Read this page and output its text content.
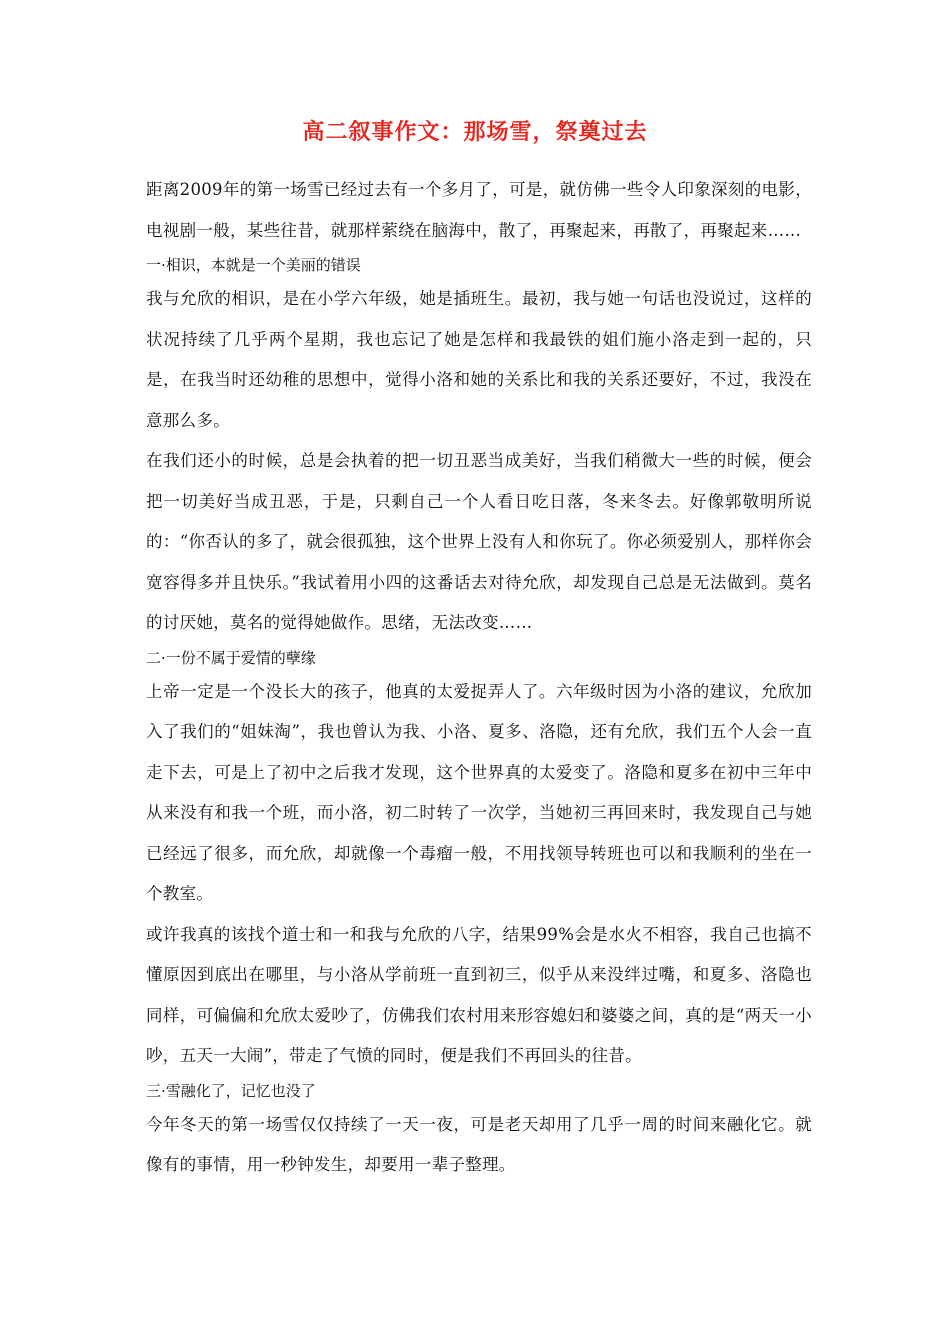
高二叙事作文：那场雪，祭奠过去

距离2009年的第一场雪已经过去有一个多月了，可是，就仿佛一些令人印象深刻的电影，电视剧一般，某些往昔，就那样萦绕在脑海中，散了，再聚起来，再散了，再聚起来……

一·相识，本就是一个美丽的错误

我与允欣的相识，是在小学六年级，她是插班生。最初，我与她一句话也没说过，这样的状况持续了几乎两个星期，我也忘记了她是怎样和我最铁的姐们施小洛走到一起的，只是，在我当时还幼稚的思想中，觉得小洛和她的关系比和我的关系还要好，不过，我没在意那么多。

在我们还小的时候，总是会执着的把一切丑恶当成美好，当我们稍微大一些的时候，便会把一切美好当成丑恶，于是，只剩自己一个人看日吃日落，冬来冬去。好像郭敬明所说的：“你否认的多了，就会很孤独，这个世界上没有人和你玩了。你必须爱别人，那样你会宽容得多并且快乐。”我试着用小四的这番话去对待允欣，却发现自己总是无法做到。莫名的讨厌她，莫名的觉得她做作。思绪，无法改变……

二·一份不属于爱情的孽缘

上帝一定是一个没长大的孩子，他真的太爱捉弄人了。六年级时因为小洛的建议，允欣加入了我们的“姐妹淘”，我也曾认为我、小洛、夏多、洛隐，还有允欣，我们五个人会一直走下去，可是上了初中之后我才发现，这个世界真的太爱变了。洛隐和夏多在初中三年中从来没有和我一个班，而小洛，初二时转了一次学，当她初三再回来时，我发现自己与她已经远了很多，而允欣，却就像一个毒瘤一般，不用找领导转班也可以和我顺利的坐在一个教室。

或许我真的该找个道士和一和我与允欣的八字，结果99%会是水火不相容，我自己也搞不懂原因到底出在哪里，与小洛从学前班一直到初三，似乎从来没绊过嘴，和夏多、洛隐也同样，可偏偏和允欣太爱吵了，仿佛我们农村用来形容媳妇和婆婆之间，真的是“两天一小吵，五天一大闹”，带走了气愤的同时，便是我们不再回头的往昔。

三·雪融化了，记忆也没了

今年冬天的第一场雪仅仅持续了一天一夜，可是老天却用了几乎一周的时间来融化它。就像有的事情，用一秒钟发生，却要用一辈子整理。
